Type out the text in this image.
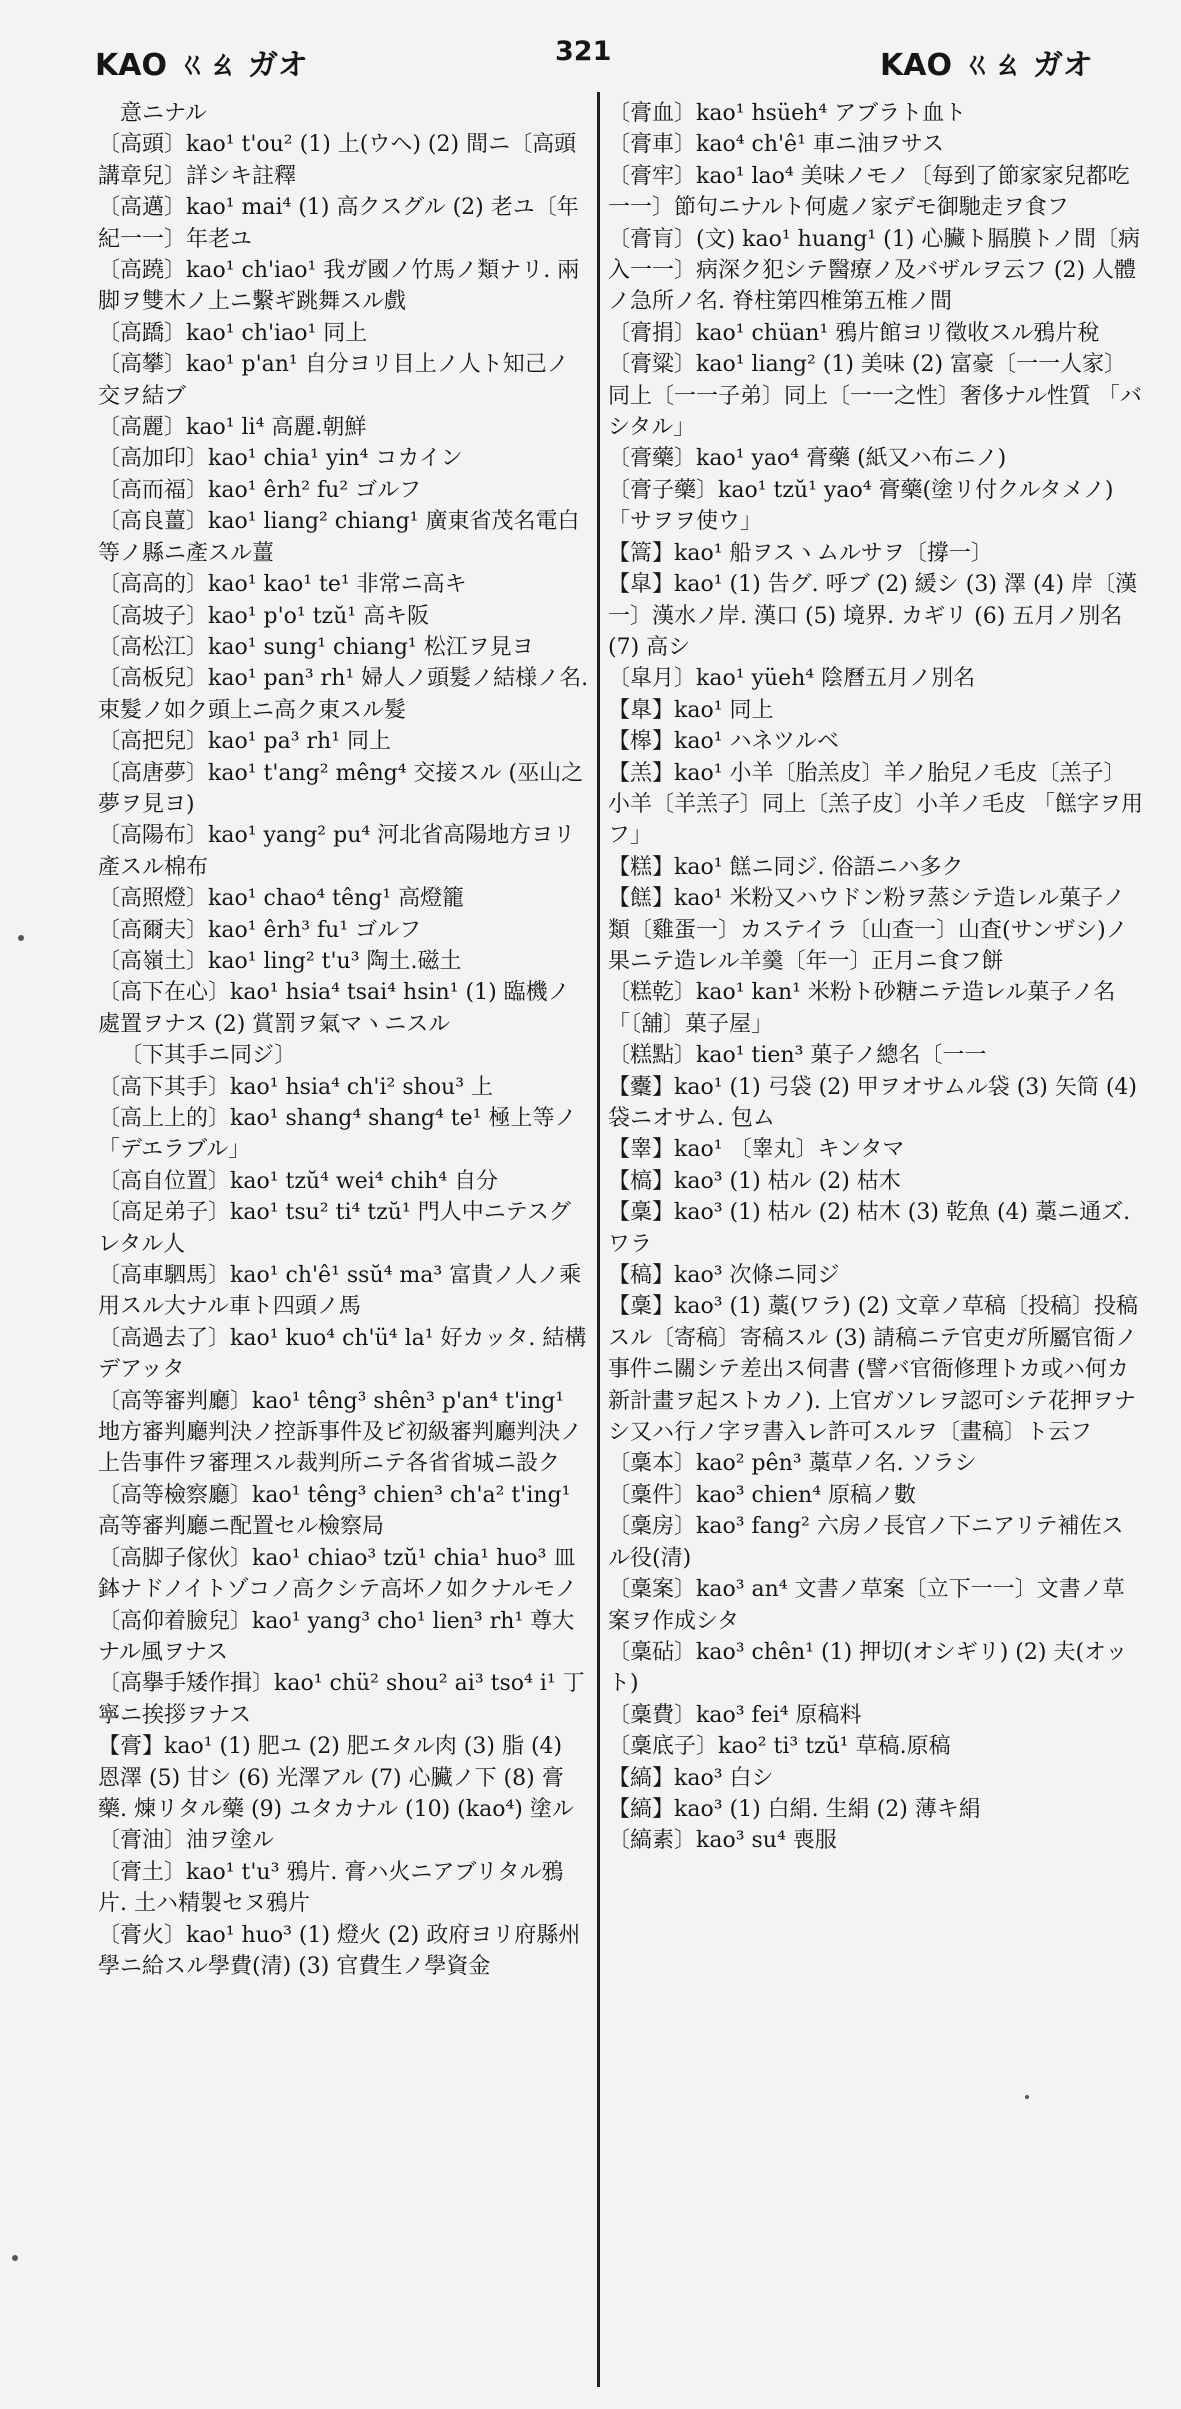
KAO ㄍㄠ ガオ	321	KAO ㄍㄠ ガオ

意ニナル

〔高頭〕kao¹ t'ou² (1) 上(ウヘ) (2) 間ニ〔高頭講章兒〕詳シキ註釋

〔高邁〕kao¹ mai⁴ (1) 高クスグル (2) 老ユ〔年紀一一〕年老ユ

〔高蹺〕kao¹ ch'iao¹ 我ガ國ノ竹馬ノ類ナリ. 兩脚ヲ雙木ノ上ニ繫ギ跳舞スル戲

〔高蹻〕kao¹ ch'iao¹ 同上

〔高攀〕kao¹ p'an¹ 自分ヨリ目上ノ人ト知己ノ交ヲ結ブ

〔高麗〕kao¹ li⁴ 高麗.朝鮮

〔高加印〕kao¹ chia¹ yin⁴ コカイン

〔高而福〕kao¹ êrh² fu² ゴルフ

〔高良薑〕kao¹ liang² chiang¹ 廣東省茂名電白等ノ縣ニ產スル薑

〔高高的〕kao¹ kao¹ te¹ 非常ニ高キ

〔高坡子〕kao¹ p'o¹ tzŭ¹ 高キ阪

〔高松江〕kao¹ sung¹ chiang¹ 松江ヲ見ヨ

〔高板兒〕kao¹ pan³ rh¹ 婦人ノ頭髮ノ結様ノ名. 束髮ノ如ク頭上ニ高ク東スル髮

〔高把兒〕kao¹ pa³ rh¹ 同上

〔高唐夢〕kao¹ t'ang² mêng⁴ 交接スル (巫山之夢ヲ見ヨ)

〔高陽布〕kao¹ yang² pu⁴ 河北省高陽地方ヨリ產スル棉布

〔高照燈〕kao¹ chao⁴ têng¹ 高燈籠

〔高爾夫〕kao¹ êrh³ fu¹ ゴルフ

〔高嶺土〕kao¹ ling² t'u³ 陶土.磁土

〔高下在心〕kao¹ hsia⁴ tsai⁴ hsin¹ (1) 臨機ノ處置ヲナス (2) 賞罰ヲ氣マヽニスル

〔下其手ニ同ジ〕

〔高下其手〕kao¹ hsia⁴ ch'i² shou³ 上

〔高上上的〕kao¹ shang⁴ shang⁴ te¹ 極上等ノ 「デエラブル」

〔高自位置〕kao¹ tzŭ⁴ wei⁴ chih⁴ 自分

〔高足弟子〕kao¹ tsu² ti⁴ tzŭ¹ 門人中ニテスグレタル人

〔高車駟馬〕kao¹ ch'ê¹ ssŭ⁴ ma³ 富貴ノ人ノ乘用スル大ナル車ト四頭ノ馬

〔高過去了〕kao¹ kuo⁴ ch'ü⁴ la¹ 好カッタ. 結構デアッタ

〔高等審判廳〕kao¹ têng³ shên³ p'an⁴ t'ing¹ 地方審判廳判決ノ控訴事件及ビ初級審判廳判決ノ上告事件ヲ審理スル裁判所ニテ各省省城ニ設ク

〔高等檢察廳〕kao¹ têng³ chien³ ch'a² t'ing¹ 高等審判廳ニ配置セル檢察局

〔高脚子傢伙〕kao¹ chiao³ tzŭ¹ chia¹ huo³ 皿鉢ナドノイトゾコノ高クシテ高坏ノ如クナルモノ

〔高仰着臉兒〕kao¹ yang³ cho¹ lien³ rh¹ 尊大ナル風ヲナス

〔高擧手矮作揖〕kao¹ chü² shou² ai³ tso⁴ i¹ 丁寧ニ挨拶ヲナス

【膏】kao¹ (1) 肥ユ (2) 肥エタル肉 (3) 脂 (4) 恩澤 (5) 甘シ (6) 光澤アル (7) 心臟ノ下 (8) 膏藥. 煉リタル藥 (9) ユタカナル (10) (kao⁴) 塗ル〔膏油〕油ヲ塗ル

〔膏土〕kao¹ t'u³ 鴉片. 膏ハ火ニアブリタル鴉片. 土ハ精製セヌ鴉片

〔膏火〕kao¹ huo³ (1) 燈火 (2) 政府ヨリ府縣州學ニ給スル學費(清) (3) 官費生ノ學資金

〔膏血〕kao¹ hsüeh⁴ アブラト血ト

〔膏車〕kao⁴ ch'ê¹ 車ニ油ヲサス

〔膏牢〕kao¹ lao⁴ 美味ノモノ〔每到了節家家兒都吃一一〕節句ニナルト何處ノ家デモ御馳走ヲ食フ

〔膏肓〕(文) kao¹ huang¹ (1) 心臟ト膈膜トノ間〔病入一一〕病深ク犯シテ醫療ノ及バザルヲ云フ (2) 人體ノ急所ノ名. 脊柱第四椎第五椎ノ間

〔膏捐〕kao¹ chüan¹ 鴉片館ヨリ徵收スル鴉片稅

〔膏粱〕kao¹ liang² (1) 美味 (2) 富豪〔一一人家〕同上〔一一子弟〕同上〔一一之性〕奢侈ナル性質 「バシタル」

〔膏藥〕kao¹ yao⁴ 膏藥 (紙又ハ布ニノ)

〔膏子藥〕kao¹ tzŭ¹ yao⁴ 膏藥(塗リ付クルタメノ) 「サヲヲ使ウ」

【篙】kao¹ 船ヲスヽムルサヲ〔撐一〕

【皐】kao¹ (1) 告グ. 呼ブ (2) 緩シ (3) 澤 (4) 岸〔漢一〕漢水ノ岸. 漢口 (5) 境界. カギリ (6) 五月ノ別名 (7) 高シ

〔皐月〕kao¹ yüeh⁴ 陰曆五月ノ別名

【臯】kao¹ 同上

【槔】kao¹ ハネツルベ

【羔】kao¹ 小羊〔胎羔皮〕羊ノ胎兒ノ毛皮〔羔子〕小羊〔羊羔子〕同上〔羔子皮〕小羊ノ毛皮 「餻字ヲ用フ」

【糕】kao¹ 餻ニ同ジ. 俗語ニハ多ク

【餻】kao¹ 米粉又ハウドン粉ヲ蒸シテ造レル菓子ノ類〔雞蛋一〕カステイラ〔山查一〕山査(サンザシ)ノ果ニテ造レル羊羹〔年一〕正月ニ食フ餅

〔糕乾〕kao¹ kan¹ 米粉ト砂糖ニテ造レル菓子ノ名 「〔舖〕菓子屋」

〔糕點〕kao¹ tien³ 菓子ノ總名〔一一

【櫜】kao¹ (1) 弓袋 (2) 甲ヲオサムル袋 (3) 矢筒 (4) 袋ニオサム. 包ム

【睾】kao¹ 〔睾丸〕キンタマ

【槁】kao³ (1) 枯ル (2) 枯木

【稾】kao³ (1) 枯ル (2) 枯木 (3) 乾魚 (4) 藁ニ通ズ. ワラ

【稿】kao³ 次條ニ同ジ

【稾】kao³ (1) 藁(ワラ) (2) 文章ノ草稿〔投稿〕投稿スル〔寄稿〕寄稿スル (3) 請稿ニテ官吏ガ所屬官衙ノ事件ニ關シテ差出ス伺書 (譬バ官衙修理トカ或ハ何カ新計畫ヲ起ストカノ). 上官ガソレヲ認可シテ花押ヲナシ又ハ行ノ字ヲ書入レ許可スルヲ〔畫稿〕ト云フ

〔稾本〕kao² pên³ 藁草ノ名. ソラシ

〔稾件〕kao³ chien⁴ 原稿ノ數

〔稾房〕kao³ fang² 六房ノ長官ノ下ニアリテ補佐スル役(清)

〔稾案〕kao³ an⁴ 文書ノ草案〔立下一一〕文書ノ草案ヲ作成シタ

〔稾砧〕kao³ chên¹ (1) 押切(オシギリ) (2) 夫(オット)

〔稾費〕kao³ fei⁴ 原稿料

〔稾底子〕kao² ti³ tzŭ¹ 草稿.原稿

【縞】kao³ 白シ

【縞】kao³ (1) 白絹. 生絹 (2) 薄キ絹

〔縞素〕kao³ su⁴ 喪服
